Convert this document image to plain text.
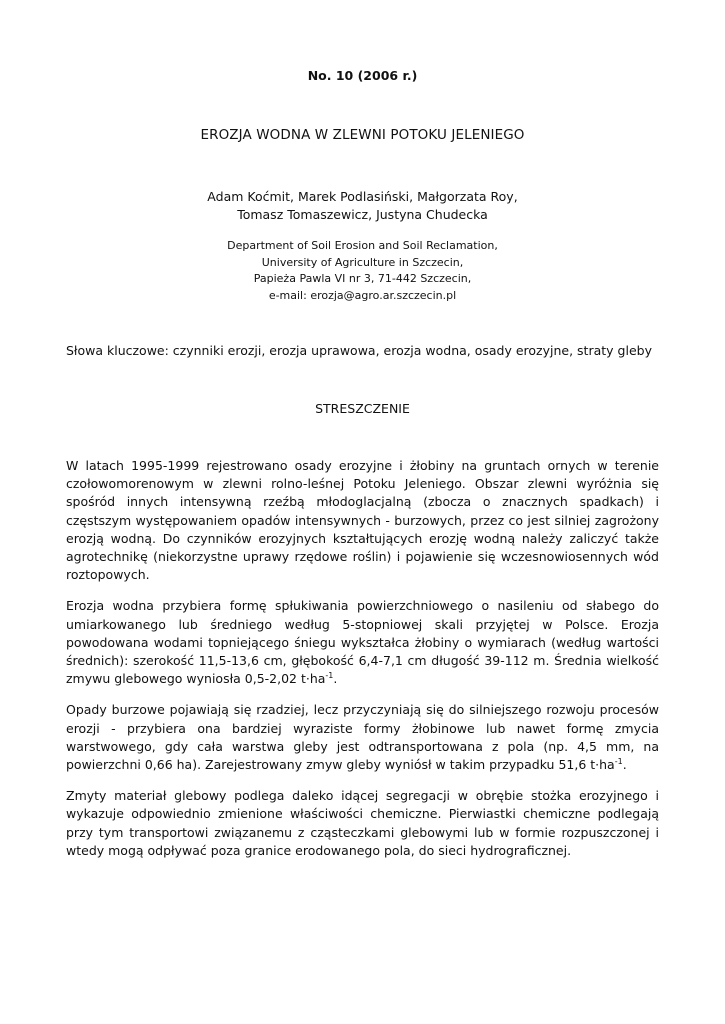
No. 10 (2006 r.)
EROZJA WODNA W ZLEWNI POTOKU JELENIEGO
Adam Koćmit, Marek Podlasiński, Małgorzata Roy,
Tomasz Tomaszewicz, Justyna Chudecka
Department of Soil Erosion and Soil Reclamation,
University of Agriculture in Szczecin,
Papieża Pawla VI nr 3, 71-442 Szczecin,
e-mail: erozja@agro.ar.szczecin.pl
Słowa kluczowe: czynniki erozji, erozja uprawowa, erozja wodna, osady erozyjne, straty gleby
STRESZCZENIE

W latach 1995-1999 rejestrowano osady erozyjne i żłobiny na gruntach ornych w terenie czołowomorenowym w zlewni rolno-leśnej Potoku Jeleniego. Obszar zlewni wyróżnia się spośród innych intensywną rzeźbą młodoglacjalną (zbocza o znacznych spadkach) i częstszym występowaniem opadów intensywnych - burzowych, przez co jest silniej zagrożony erozją wodną. Do czynników erozyjnych kształtujących erozję wodną należy zaliczyć także agrotechnikę (niekorzystne uprawy rzędowe roślin) i pojawienie się wczesnowiosennych wód roztopowych.

Erozja wodna przybiera formę spłukiwania powierzchniowego o nasileniu od słabego do umiarkowanego lub średniego według 5-stopniowej skali przyjętej w Polsce. Erozja powodowana wodami topniejącego śniegu wykształca żłobiny o wymiarach (według wartości średnich): szerokość 11,5-13,6 cm, głębokość 6,4-7,1 cm długość 39-112 m. Średnia wielkość zmywu glebowego wyniosła 0,5-2,02 $t\cdot ha^{-1}$.

Opady burzowe pojawiają się rzadziej, lecz przyczyniają się do silniejszego rozwoju procesów erozji - przybiera ona bardziej wyraziste formy żłobinowe lub nawet formę zmycia warstwowego, gdy cała warstwa gleby jest odtransportowana z pola (np. 4,5 mm, na powierzchni 0,66 ha). Zarejestrowany zmyw gleby wyniósł w takim przypadku 51,6 $t\cdot ha^{-1}$.

Zmyty materiał glebowy podlega daleko idącej segregacji w obrębie stożka erozyjnego i wykazuje odpowiednio zmienione właściwości chemiczne. Pierwiastki chemiczne podlegają przy tym transportowi związanemu z cząsteczkami glebowymi lub w formie rozpuszczonej i wtedy mogą odpływać poza granice erodowanego pola, do sieci hydrograficznej.
